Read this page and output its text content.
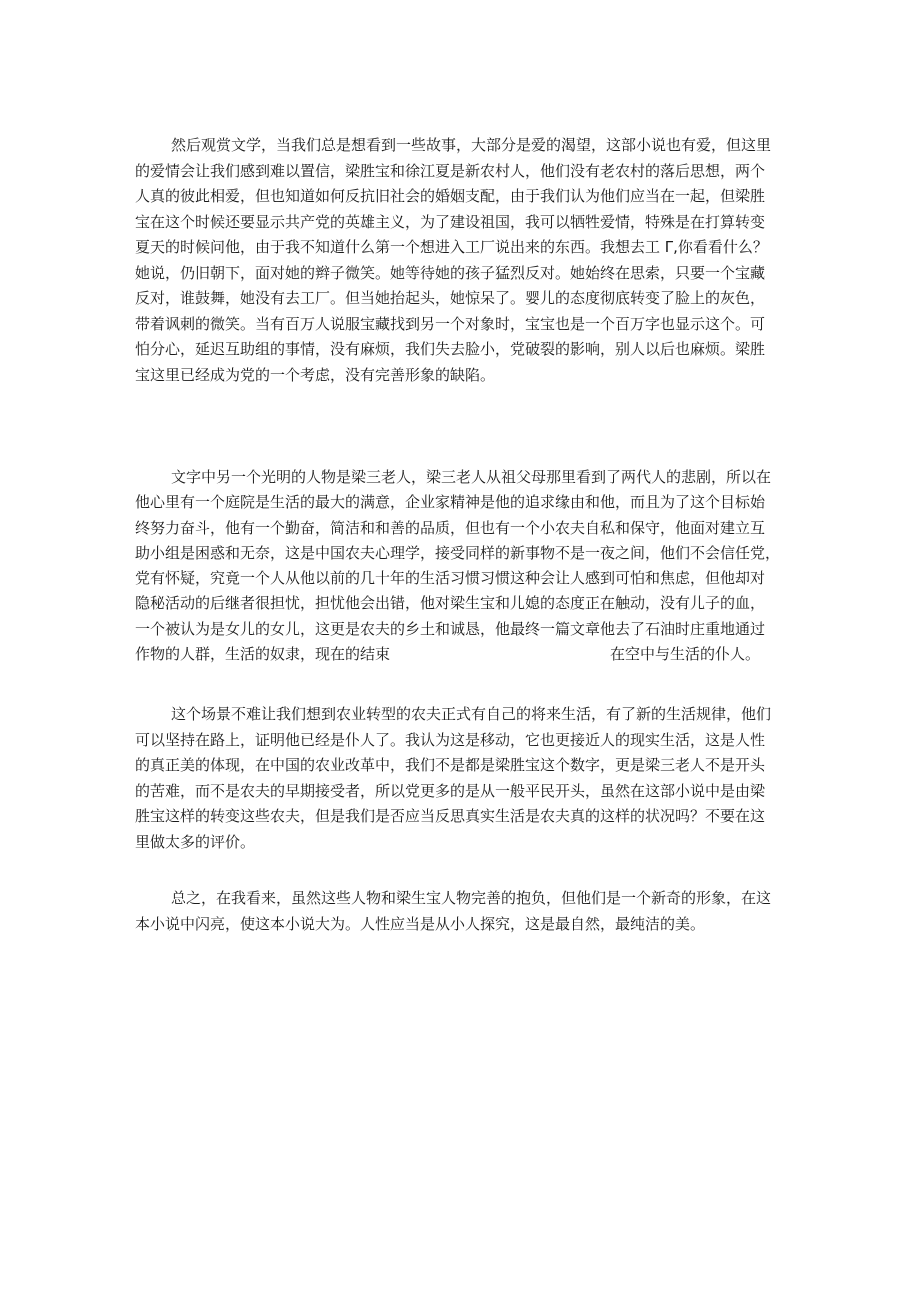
然后观赏文学，当我们总是想看到一些故事，大部分是爱的渴望，这部小说也有爱，但这里
的爱情会让我们感到难以置信，梁胜宝和徐江夏是新农村人，他们没有老农村的落后思想，两个
人真的彼此相爱，但也知道如何反抗旧社会的婚姻支配，由于我们认为他们应当在一起，但梁胜
宝在这个时候还要显示共产党的英雄主义，为了建设祖国，我可以牺牲爱情，特殊是在打算转变
夏天的时候问他，由于我不知道什么第一个想进入工厂说出来的东西。我想去工 Γ,你看看什么？
她说，仍旧朝下，面对她的辫子微笑。她等待她的孩子猛烈反对。她始终在思索，只要一个宝藏
反对，谁鼓舞，她没有去工厂。但当她抬起头，她惊呆了。婴儿的态度彻底转变了脸上的灰色，
带着讽刺的微笑。当有百万人说服宝藏找到另一个对象时，宝宝也是一个百万字也显示这个。可
怕分心，延迟互助组的事情，没有麻烦，我们失去脸小，党破裂的影响，别人以后也麻烦。梁胜
宝这里已经成为党的一个考虑，没有完善形象的缺陷。
文字中另一个光明的人物是梁三老人，梁三老人从祖父母那里看到了两代人的悲剧，所以在
他心里有一个庭院是生活的最大的满意，企业家精神是他的追求缘由和他，而且为了这个目标始
终努力奋斗，他有一个勤奋，简洁和和善的品质，但也有一个小农夫自私和保守，他面对建立互
助小组是困惑和无奈，这是中国农夫心理学，接受同样的新事物不是一夜之间，他们不会信任党，
党有怀疑，究竟一个人从他以前的几十年的生活习惯习惯这种会让人感到可怕和焦虑，但他却对
隐秘活动的后继者很担忧，担忧他会出错，他对梁生宝和儿媳的态度正在触动，没有儿子的血，
一个被认为是女儿的女儿，这更是农夫的乡土和诚恳，他最终一篇文章他去了石油时庄重地通过
作物的人群，生活的奴隶，现在的结束	在空中与生活的仆人。
这个场景不难让我们想到农业转型的农夫正式有自己的将来生活，有了新的生活规律，他们
可以坚持在路上，证明他已经是仆人了。我认为这是移动，它也更接近人的现实生活，这是人性
的真正美的体现，在中国的农业改革中，我们不是都是梁胜宝这个数字，更是梁三老人不是开头
的苦难，而不是农夫的早期接受者，所以党更多的是从一般平民开头，虽然在这部小说中是由梁
胜宝这样的转变这些农夫，但是我们是否应当反思真实生活是农夫真的这样的状况吗？不要在这
里做太多的评价。
总之，在我看来，虽然这些人物和梁生宝人物完善的抱负，但他们是一个新奇的形象，在这
本小说中闪亮，使这本小说大为。人性应当是从小人探究，这是最自然，最纯洁的美。
